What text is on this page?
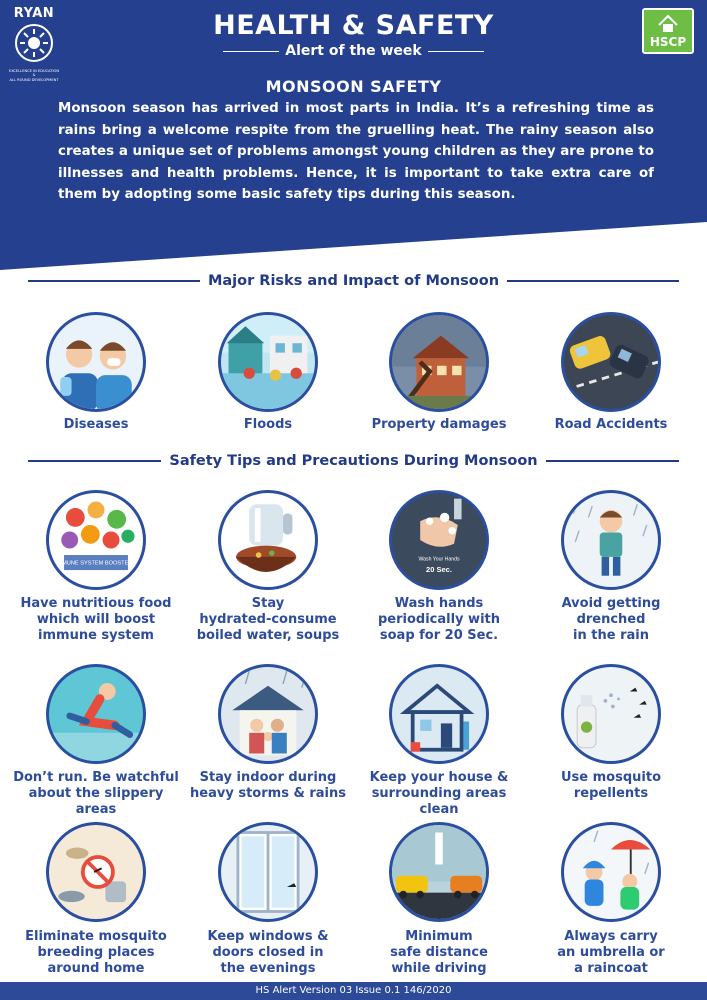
RYAN
EXCELLENCE IN EDUCATION
&
ALL ROUND DEVELOPMENT
HEALTH & SAFETY
Alert of the week
HSCP
MONSOON SAFETY
Monsoon season has arrived in most parts in India. It’s a refreshing time as rains bring a welcome respite from the gruelling heat. The rainy season also creates a unique set of problems amongst young children as they are prone to illnesses and health problems. Hence, it is important to take extra care of them by adopting some basic safety tips during this season.
Major Risks and Impact of Monsoon
Diseases	Floods	Property damages	Road Accidents
Safety Tips and Precautions During Monsoon
IMMUNE SYSTEM BOOSTERS
Have nutritious food
which will boost
immune system
Stay
hydrated-consume
boiled water, soups
Wash Your Hands
20 Sec.
Wash hands
periodically with
soap for 20 Sec.
Avoid getting
drenched
in the rain
Don’t run. Be watchful
about the slippery areas
Stay indoor during
heavy storms & rains
Keep your house &
surrounding areas clean
Use mosquito
repellents
Eliminate mosquito
breeding places
around home
Keep windows &
doors closed in
the evenings
Minimum
safe distance
while driving
Always carry
an umbrella or
a raincoat
HS Alert Version 03 Issue 0.1 146/2020
